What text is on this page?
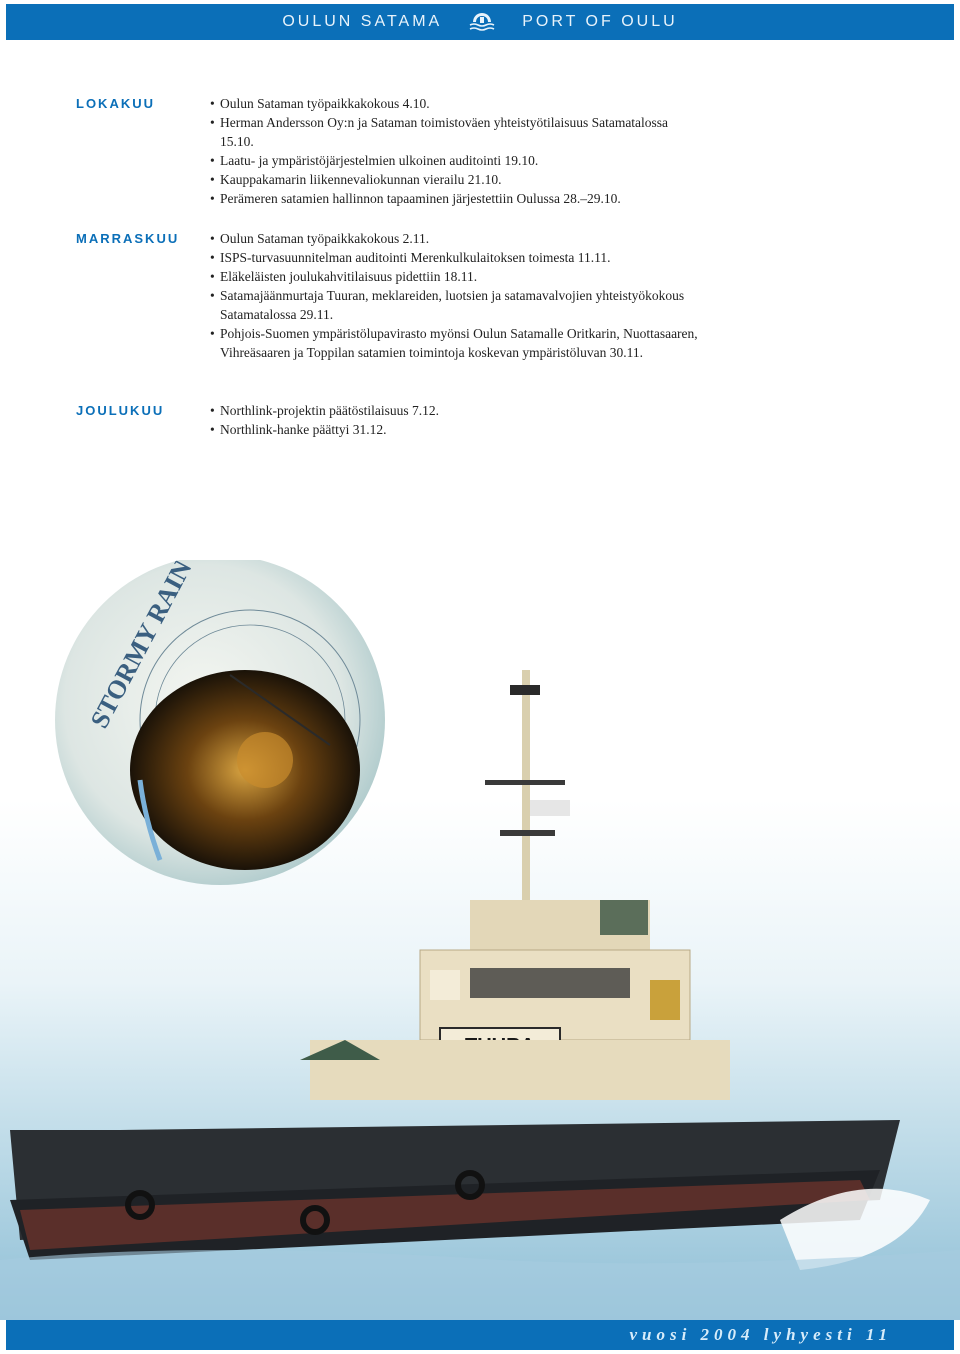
OULUN SATAMA	PORT OF OULU
LOKAKUU	• Oulun Sataman työpaikkakokous 4.10.
• Herman Andersson Oy:n ja Sataman toimistoväen yhteistyötilaisuus Satamatalossa 15.10.
• Laatu- ja ympäristöjärjestelmien ulkoinen auditointi 19.10.
• Kauppakamarin liikennevaliokunnan vierailu 21.10.
• Perämeren satamien hallinnon tapaaminen järjestettiin Oulussa 28.–29.10.
MARRASKUU	• Oulun Sataman työpaikkakokous 2.11.
• ISPS-turvasuunnitelman auditointi Merenkulkulaitoksen toimesta 11.11.
• Eläkeläisten joulukahvitilaisuus pidettiin 18.11.
• Satamajäänmurtaja Tuuran, meklareiden, luotsien ja satamavalvojien yhteistyökokous Satamatalossa 29.11.
• Pohjois-Suomen ympäristölupavirasto myönsi Oulun Satamalle Oritkarin, Nuottasaaren, Vihreäsaaren ja Toppilan satamien toimintoja koskevan ympäristöluvan 30.11.
JOULUKUU	• Northlink-projektin päätöstilaisuus 7.12.
• Northlink-hanke päättyi 31.12.
vuosi 2004 lyhyesti 11
